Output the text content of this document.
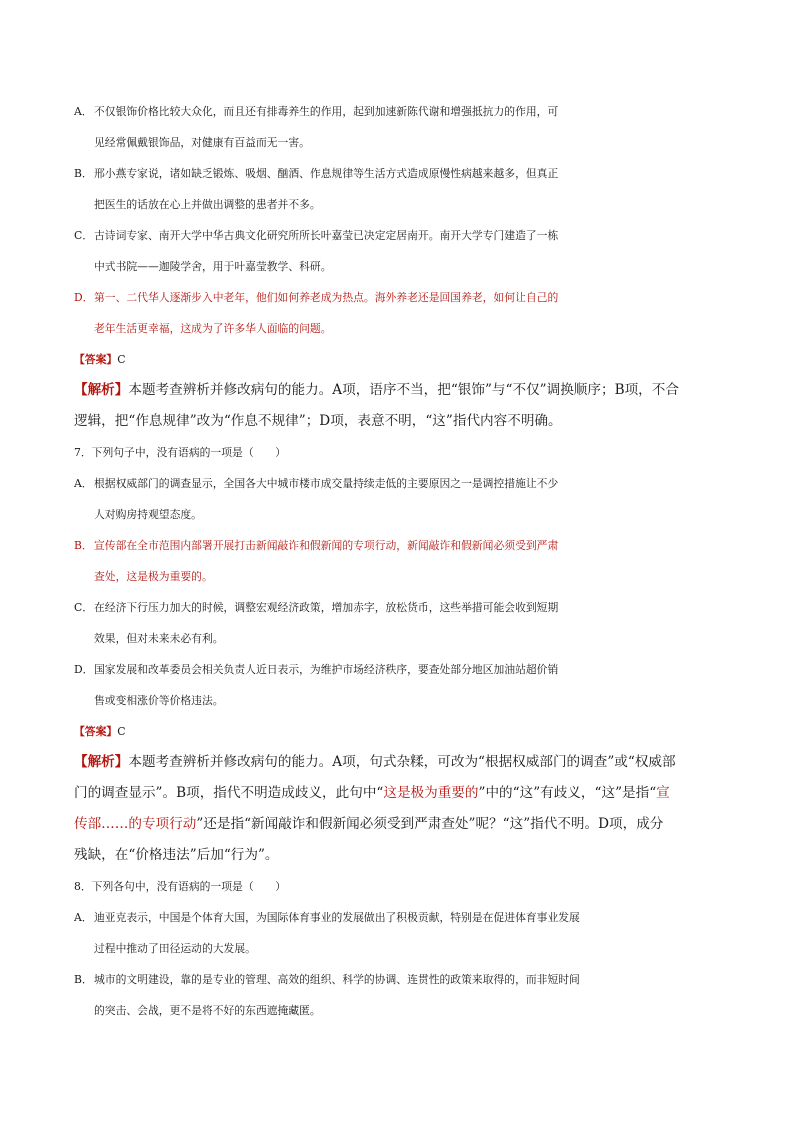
A．不仅银饰价格比较大众化，而且还有排毒养生的作用，起到加速新陈代谢和增强抵抗力的作用，可
见经常佩戴银饰品，对健康有百益而无一害。
B．邢小燕专家说，诸如缺乏锻炼、吸烟、酗酒、作息规律等生活方式造成原慢性病越来越多，但真正
把医生的话放在心上并做出调整的患者并不多。
C．古诗词专家、南开大学中华古典文化研究所所长叶嘉莹已决定定居南开。南开大学专门建造了一栋
中式书院——迦陵学舍，用于叶嘉莹教学、科研。
D．第一、二代华人逐渐步入中老年，他们如何养老成为热点。海外养老还是回国养老，如何让自己的
老年生活更幸福，这成为了许多华人面临的问题。
【答案】C
【解析】本题考查辨析并修改病句的能力。A项，语序不当，把“银饰”与“不仅”调换顺序；B项，不合
逻辑，把“作息规律”改为“作息不规律”；D项，表意不明，“这”指代内容不明确。
7．下列句子中，没有语病的一项是（　　）
A．根据权威部门的调查显示，全国各大中城市楼市成交量持续走低的主要原因之一是调控措施让不少
人对购房持观望态度。
B．宣传部在全市范围内部署开展打击新闻敲诈和假新闻的专项行动，新闻敲诈和假新闻必须受到严肃
查处，这是极为重要的。
C．在经济下行压力加大的时候，调整宏观经济政策，增加赤字，放松货币，这些举措可能会收到短期
效果，但对未来未必有利。
D．国家发展和改革委员会相关负责人近日表示，为维护市场经济秩序，要查处部分地区加油站超价销
售或变相涨价等价格违法。
【答案】C
【解析】本题考查辨析并修改病句的能力。A项，句式杂糅，可改为“根据权威部门的调查”或“权威部
门的调查显示”。B项，指代不明造成歧义，此句中“这是极为重要的”中的“这”有歧义，“这”是指“宣
传部……的专项行动”还是指“新闻敲诈和假新闻必须受到严肃查处”呢？“这”指代不明。D项，成分
残缺，在“价格违法”后加“行为”。
8．下列各句中，没有语病的一项是（　　）
A．迪亚克表示，中国是个体育大国，为国际体育事业的发展做出了积极贡献，特别是在促进体育事业发展
过程中推动了田径运动的大发展。
B．城市的文明建设，靠的是专业的管理、高效的组织、科学的协调、连贯性的政策来取得的，而非短时间
的突击、会战，更不是将不好的东西遮掩藏匿。
